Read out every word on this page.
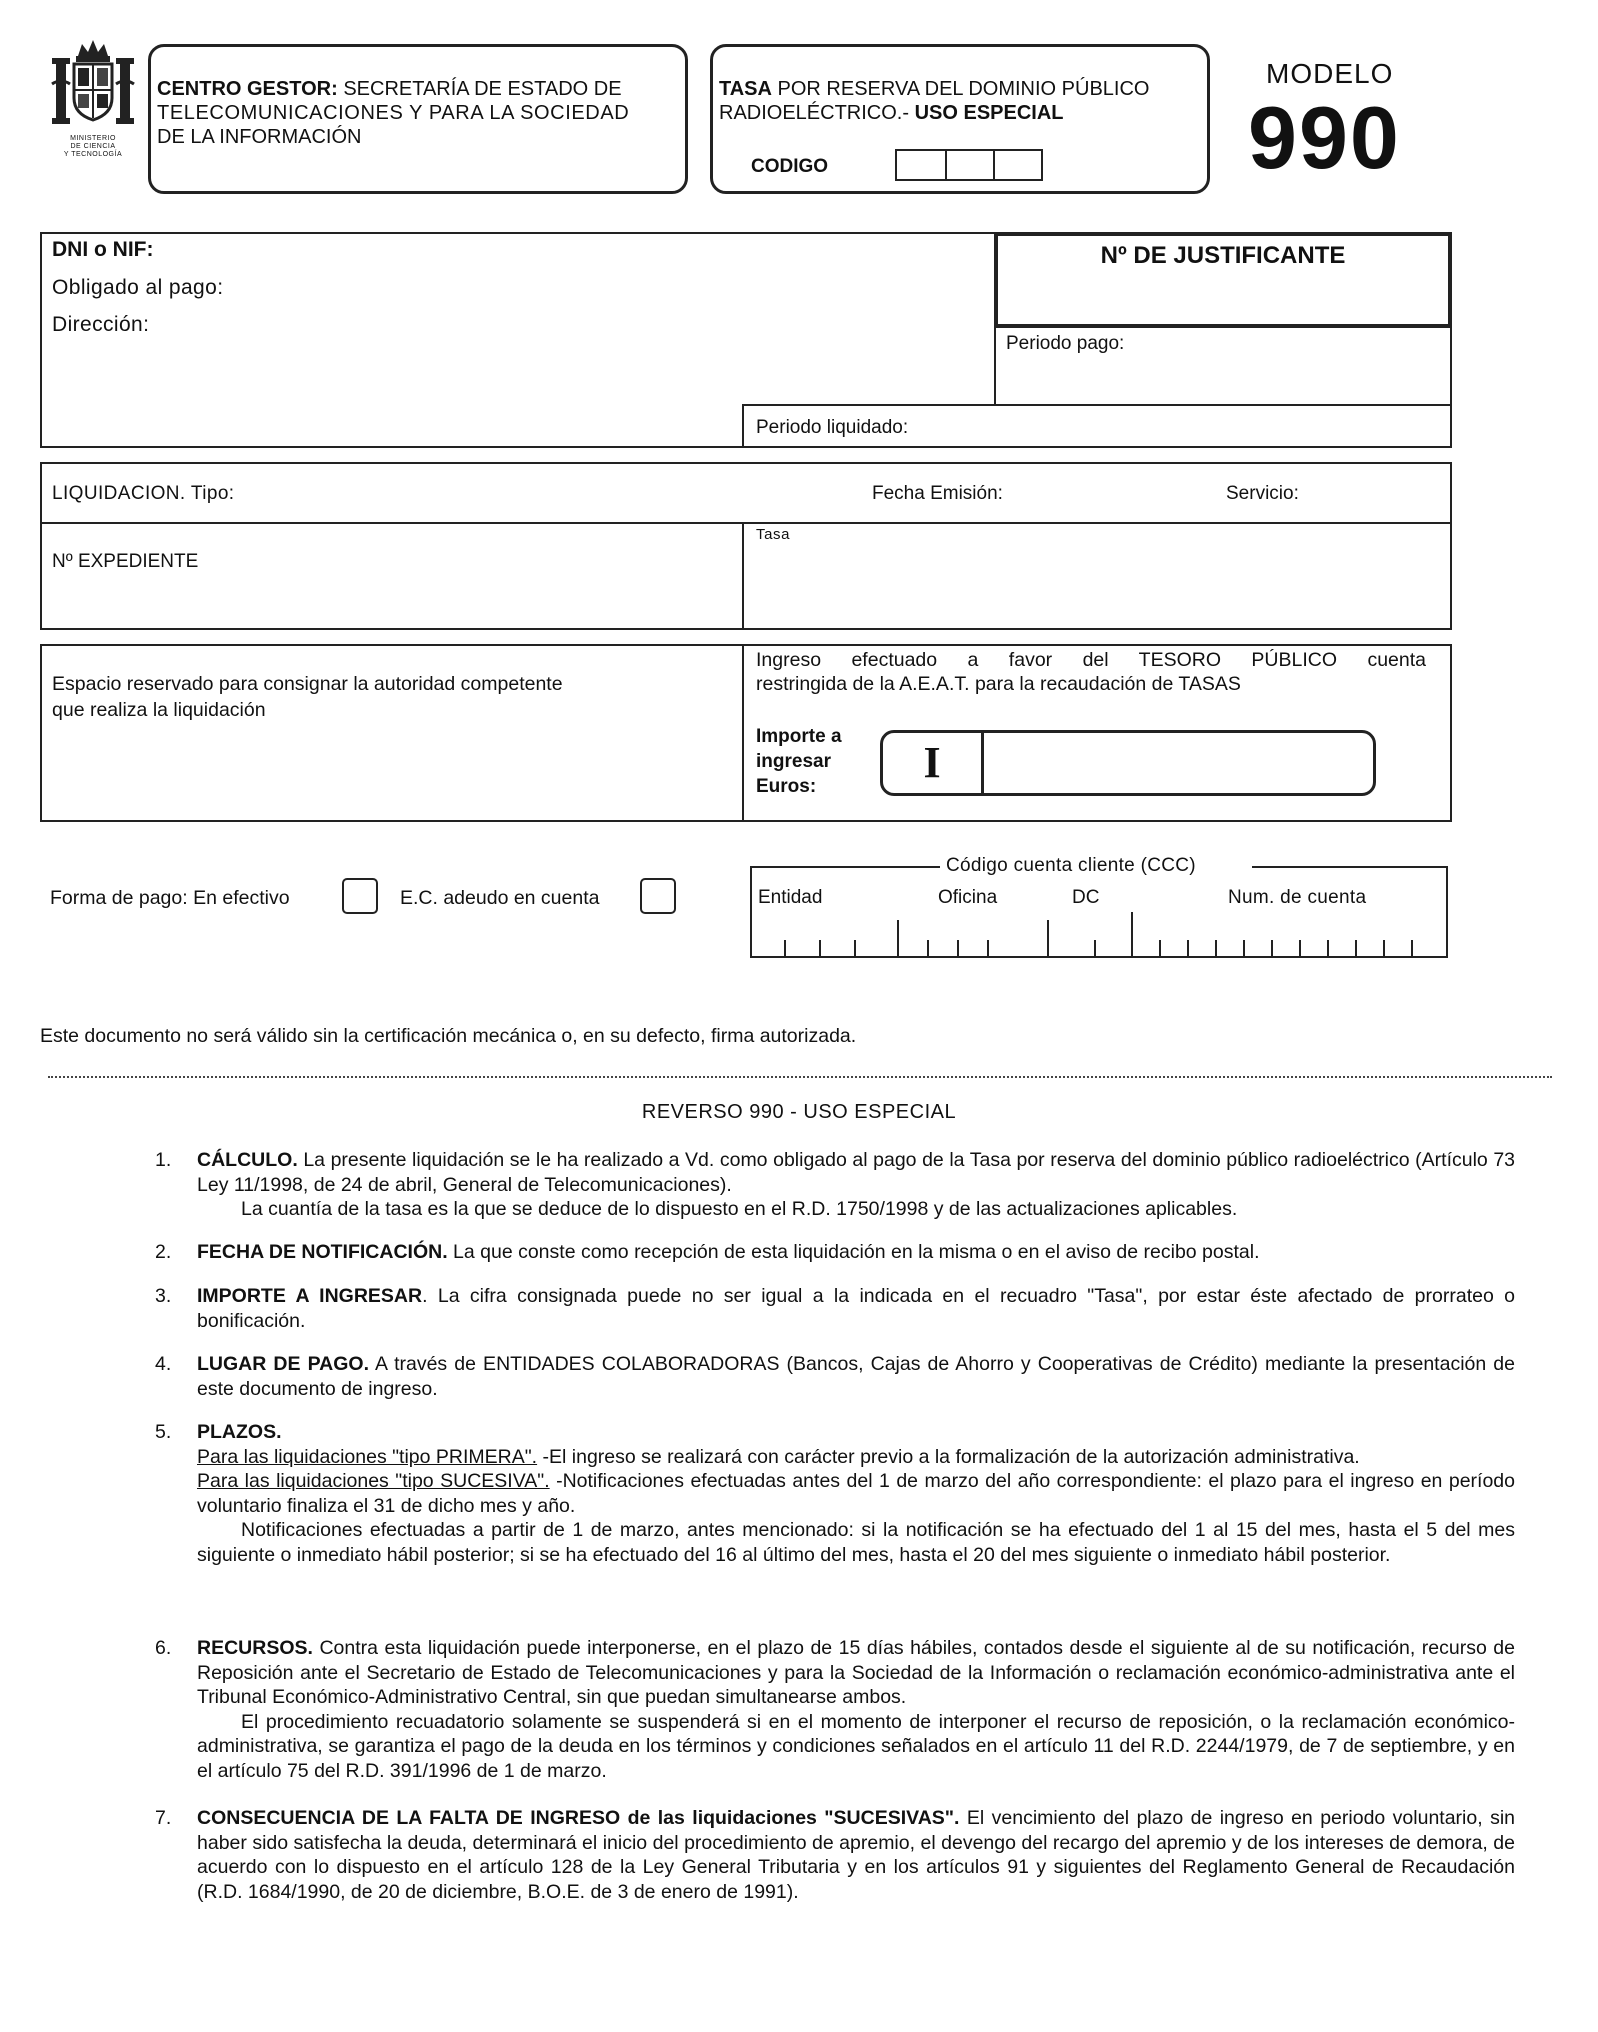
MINISTERIO
DE CIENCIA
Y TECNOLOGÍA
CENTRO GESTOR: SECRETARÍA DE ESTADO DE
TELECOMUNICACIONES Y PARA LA SOCIEDAD
DE LA INFORMACIÓN
TASA POR RESERVA DEL DOMINIO PÚBLICO
RADIOELÉCTRICO.- USO ESPECIAL
CODIGO
MODELO
990
DNI o NIF:
Obligado al pago:
Dirección:
Nº DE JUSTIFICANTE
Periodo pago:
Periodo liquidado:
LIQUIDACION. Tipo:	Fecha Emisión:	Servicio:
Nº EXPEDIENTE
Tasa
Espacio reservado para consignar la autoridad competente
que realiza la liquidación
Ingreso efectuado a favor del TESORO PÚBLICO cuenta
restringida de la A.E.A.T. para la recaudación de TASAS
Importe a
ingresar
Euros:	I
Forma de pago: En efectivo	E.C. adeudo en cuenta
Código cuenta cliente (CCC)
Entidad	Oficina	DC	Num. de cuenta
Este documento no será válido sin la certificación mecánica o, en su defecto, firma autorizada.
REVERSO 990 - USO ESPECIAL
1. CÁLCULO. La presente liquidación se le ha realizado a Vd. como obligado al pago de la Tasa por reserva del dominio público radioeléctrico (Artículo 73 Ley 11/1998, de 24 de abril, General de Telecomunicaciones).

La cuantía de la tasa es la que se deduce de lo dispuesto en el R.D. 1750/1998 y de las actualizaciones aplicables.

2. FECHA DE NOTIFICACIÓN. La que conste como recepción de esta liquidación en la misma o en el aviso de recibo postal.

3. IMPORTE A INGRESAR. La cifra consignada puede no ser igual a la indicada en el recuadro "Tasa", por estar éste afectado de prorrateo o bonificación.

4. LUGAR DE PAGO. A través de ENTIDADES COLABORADORAS (Bancos, Cajas de Ahorro y Cooperativas de Crédito) mediante la presentación de este documento de ingreso.

5. PLAZOS.

Para las liquidaciones "tipo PRIMERA". -El ingreso se realizará con carácter previo a la formalización de la autorización administrativa.

Para las liquidaciones "tipo SUCESIVA". -Notificaciones efectuadas antes del 1 de marzo del año correspondiente: el plazo para el ingreso en período voluntario finaliza el 31 de dicho mes y año.

Notificaciones efectuadas a partir de 1 de marzo, antes mencionado: si la notificación se ha efectuado del 1 al 15 del mes, hasta el 5 del mes siguiente o inmediato hábil posterior; si se ha efectuado del 16 al último del mes, hasta el 20 del mes siguiente o inmediato hábil posterior.

6. RECURSOS. Contra esta liquidación puede interponerse, en el plazo de 15 días hábiles, contados desde el siguiente al de su notificación, recurso de Reposición ante el Secretario de Estado de Telecomunicaciones y para la Sociedad de la Información o reclamación económico-administrativa ante el Tribunal Económico-Administrativo Central, sin que puedan simultanearse ambos.

El procedimiento recuadatorio solamente se suspenderá si en el momento de interponer el recurso de reposición, o la reclamación económico-administrativa, se garantiza el pago de la deuda en los términos y condiciones señalados en el artículo 11 del R.D. 2244/1979, de 7 de septiembre, y en el artículo 75 del R.D. 391/1996 de 1 de marzo.

7. CONSECUENCIA DE LA FALTA DE INGRESO de las liquidaciones "SUCESIVAS". El vencimiento del plazo de ingreso en periodo voluntario, sin haber sido satisfecha la deuda, determinará el inicio del procedimiento de apremio, el devengo del recargo del apremio y de los intereses de demora, de acuerdo con lo dispuesto en el artículo 128 de la Ley General Tributaria y en los artículos 91 y siguientes del Reglamento General de Recaudación (R.D. 1684/1990, de 20 de diciembre, B.O.E. de 3 de enero de 1991).
